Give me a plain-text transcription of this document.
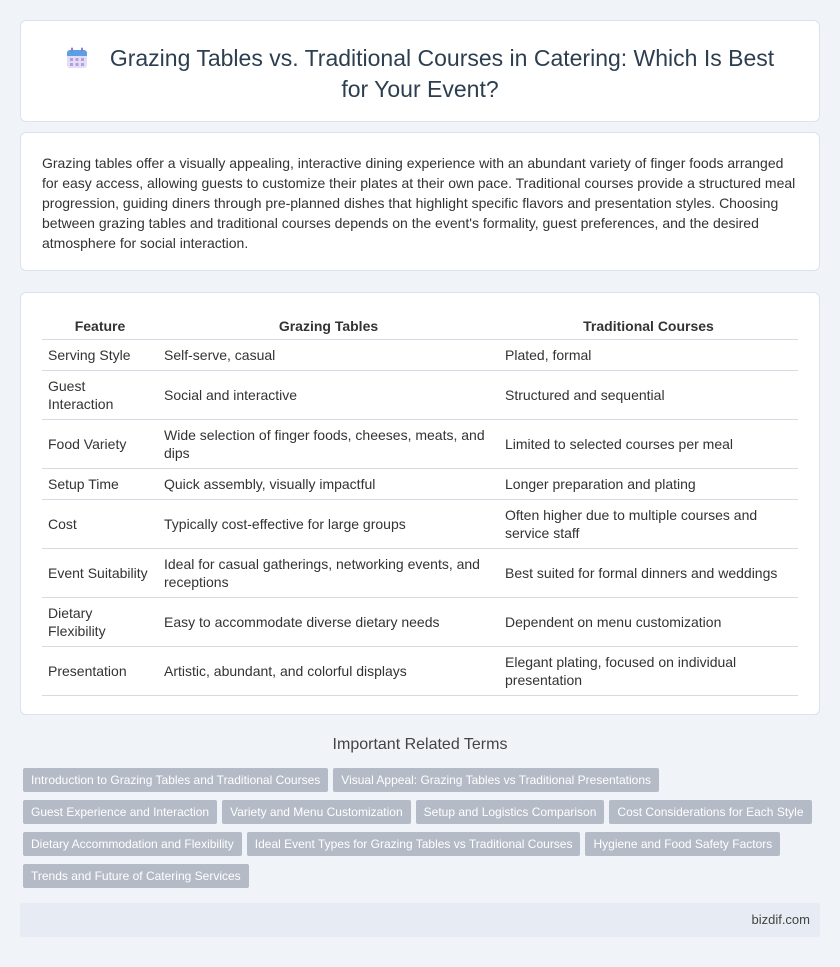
Grazing Tables vs. Traditional Courses in Catering: Which Is Best for Your Event?

Grazing tables offer a visually appealing, interactive dining experience with an abundant variety of finger foods arranged for easy access, allowing guests to customize their plates at their own pace. Traditional courses provide a structured meal progression, guiding diners through pre-planned dishes that highlight specific flavors and presentation styles. Choosing between grazing tables and traditional courses depends on the event's formality, guest preferences, and the desired atmosphere for social interaction.

Feature	Grazing Tables	Traditional Courses
Serving Style	Self-serve, casual	Plated, formal
Guest Interaction	Social and interactive	Structured and sequential
Food Variety	Wide selection of finger foods, cheeses, meats, and dips	Limited to selected courses per meal
Setup Time	Quick assembly, visually impactful	Longer preparation and plating
Cost	Typically cost-effective for large groups	Often higher due to multiple courses and service staff
Event Suitability	Ideal for casual gatherings, networking events, and receptions	Best suited for formal dinners and weddings
Dietary Flexibility	Easy to accommodate diverse dietary needs	Dependent on menu customization
Presentation	Artistic, abundant, and colorful displays	Elegant plating, focused on individual presentation
Important Related Terms
Introduction to Grazing Tables and Traditional Courses Visual Appeal: Grazing Tables vs Traditional Presentations
Guest Experience and Interaction Variety and Menu Customization Setup and Logistics Comparison Cost Considerations for Each Style
Dietary Accommodation and Flexibility Ideal Event Types for Grazing Tables vs Traditional Courses Hygiene and Food Safety Factors
Trends and Future of Catering Services
bizdif.com
